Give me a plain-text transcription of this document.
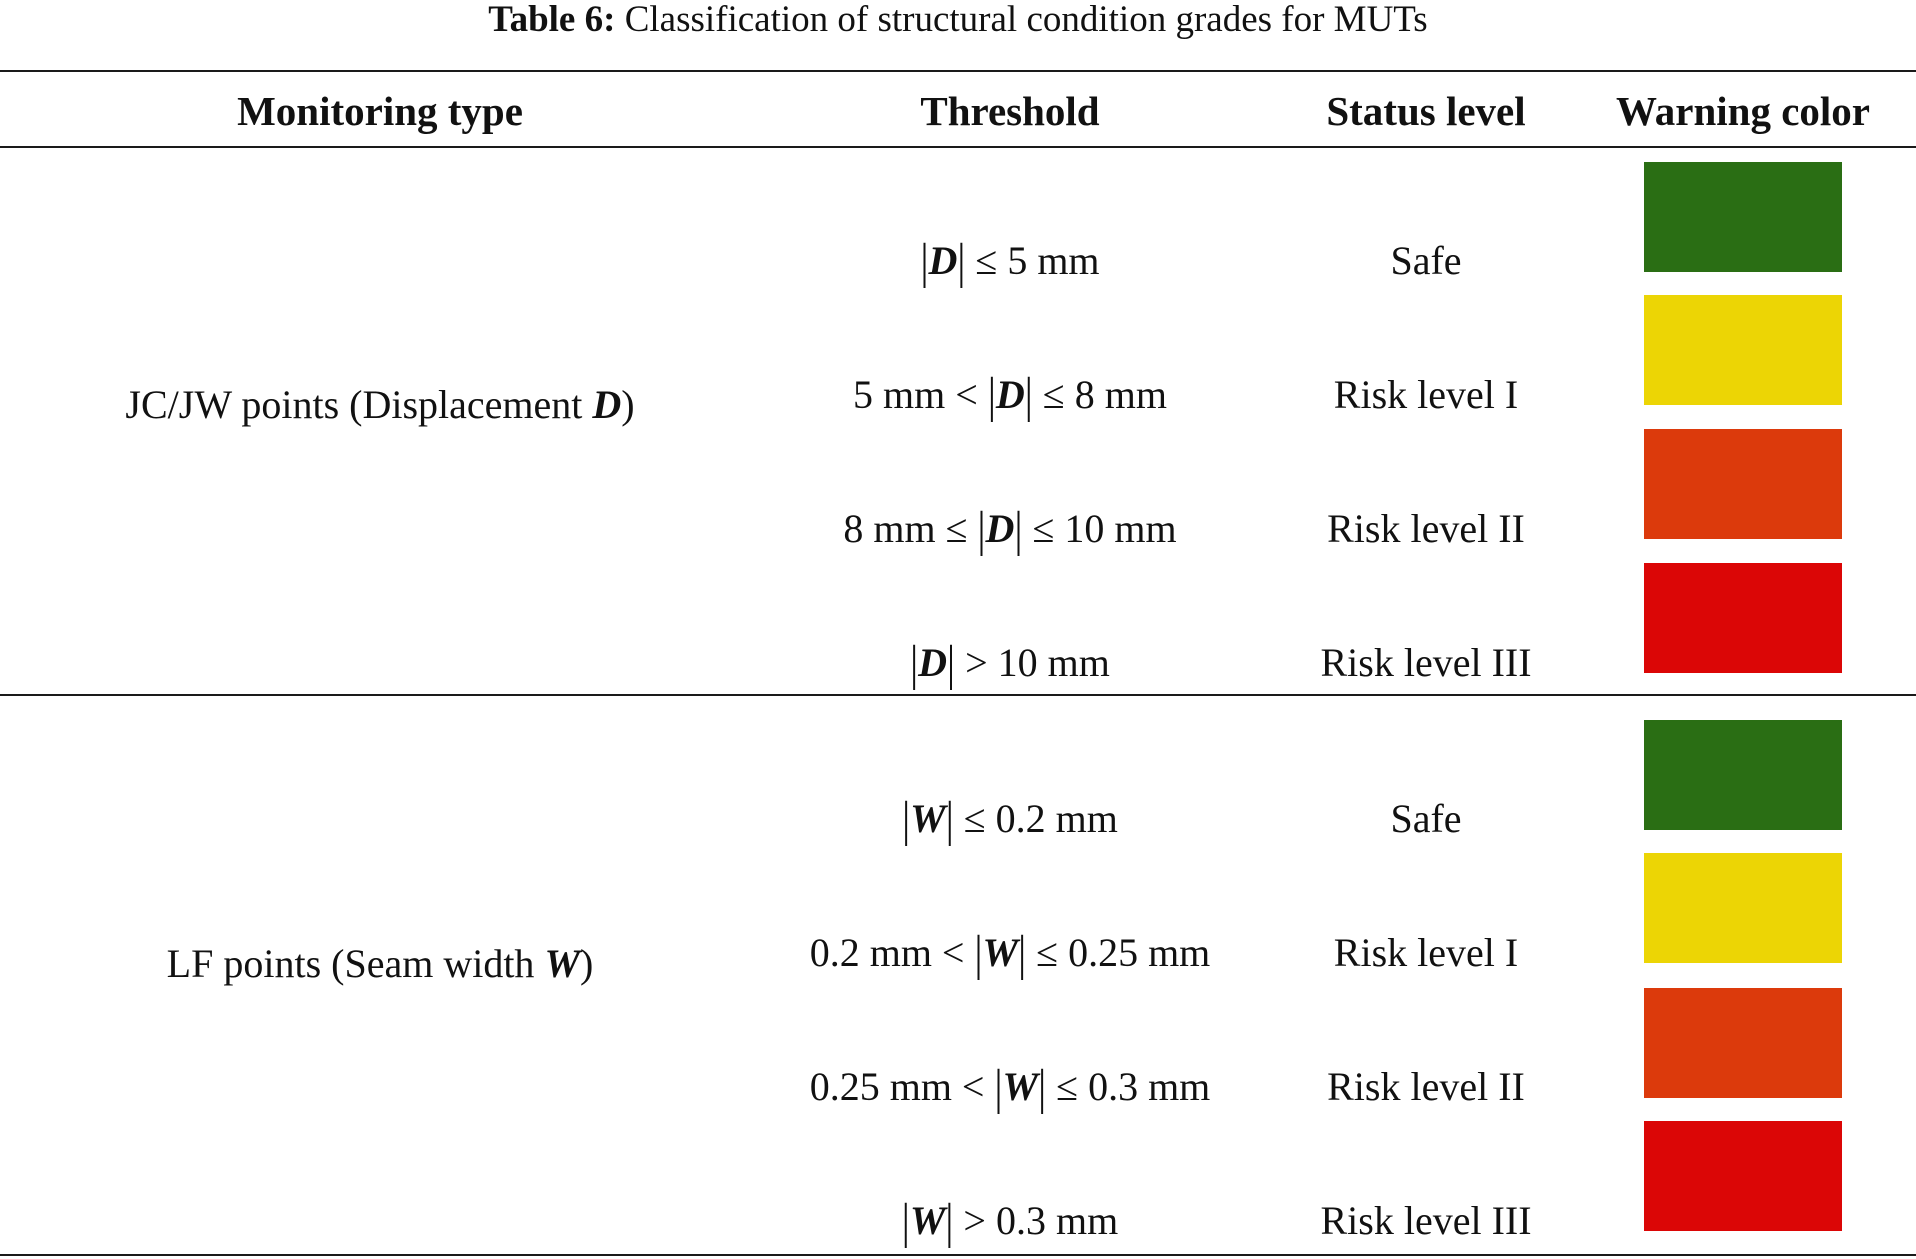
Table 6: Classification of structural condition grades for MUTs
Monitoring type	Threshold	Status level	Warning color
JC/JW points (Displacement D)
|D| ≤ 5 mm	Safe
5 mm < |D| ≤ 8 mm	Risk level I
8 mm ≤ |D| ≤ 10 mm	Risk level II
|D| > 10 mm	Risk level III
LF points (Seam width W)
|W| ≤ 0.2 mm	Safe
0.2 mm < |W| ≤ 0.25 mm	Risk level I
0.25 mm < |W| ≤ 0.3 mm	Risk level II
|W| > 0.3 mm	Risk level III
